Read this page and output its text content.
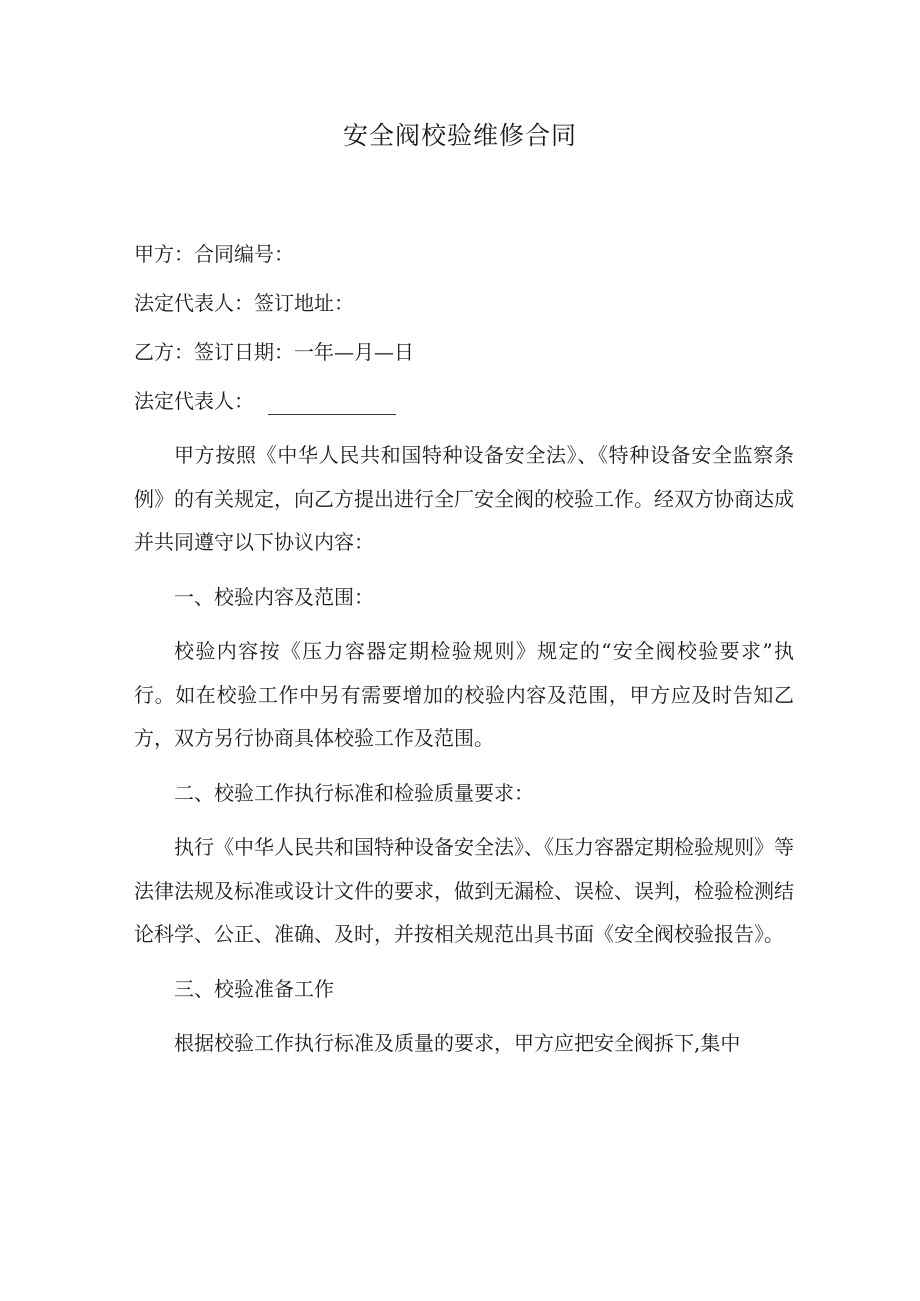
安全阀校验维修合同
甲方：合同编号：
法定代表人：签订地址：
乙方：签订日期：一年—月—日
法定代表人：

甲方按照《中华人民共和国特种设备安全法》、《特种设备安全监察条例》的有关规定，向乙方提出进行全厂安全阀的校验工作。经双方协商达成并共同遵守以下协议内容：

一、校验内容及范围：

校验内容按《压力容器定期检验规则》规定的“安全阀校验要求”执行。如在校验工作中另有需要增加的校验内容及范围，甲方应及时告知乙方，双方另行协商具体校验工作及范围。

二、校验工作执行标准和检验质量要求：

执行《中华人民共和国特种设备安全法》、《压力容器定期检验规则》等法律法规及标准或设计文件的要求，做到无漏检、误检、误判，检验检测结论科学、公正、准确、及时，并按相关规范出具书面《安全阀校验报告》。

三、校验准备工作

根据校验工作执行标准及质量的要求，甲方应把安全阀拆下,集中
